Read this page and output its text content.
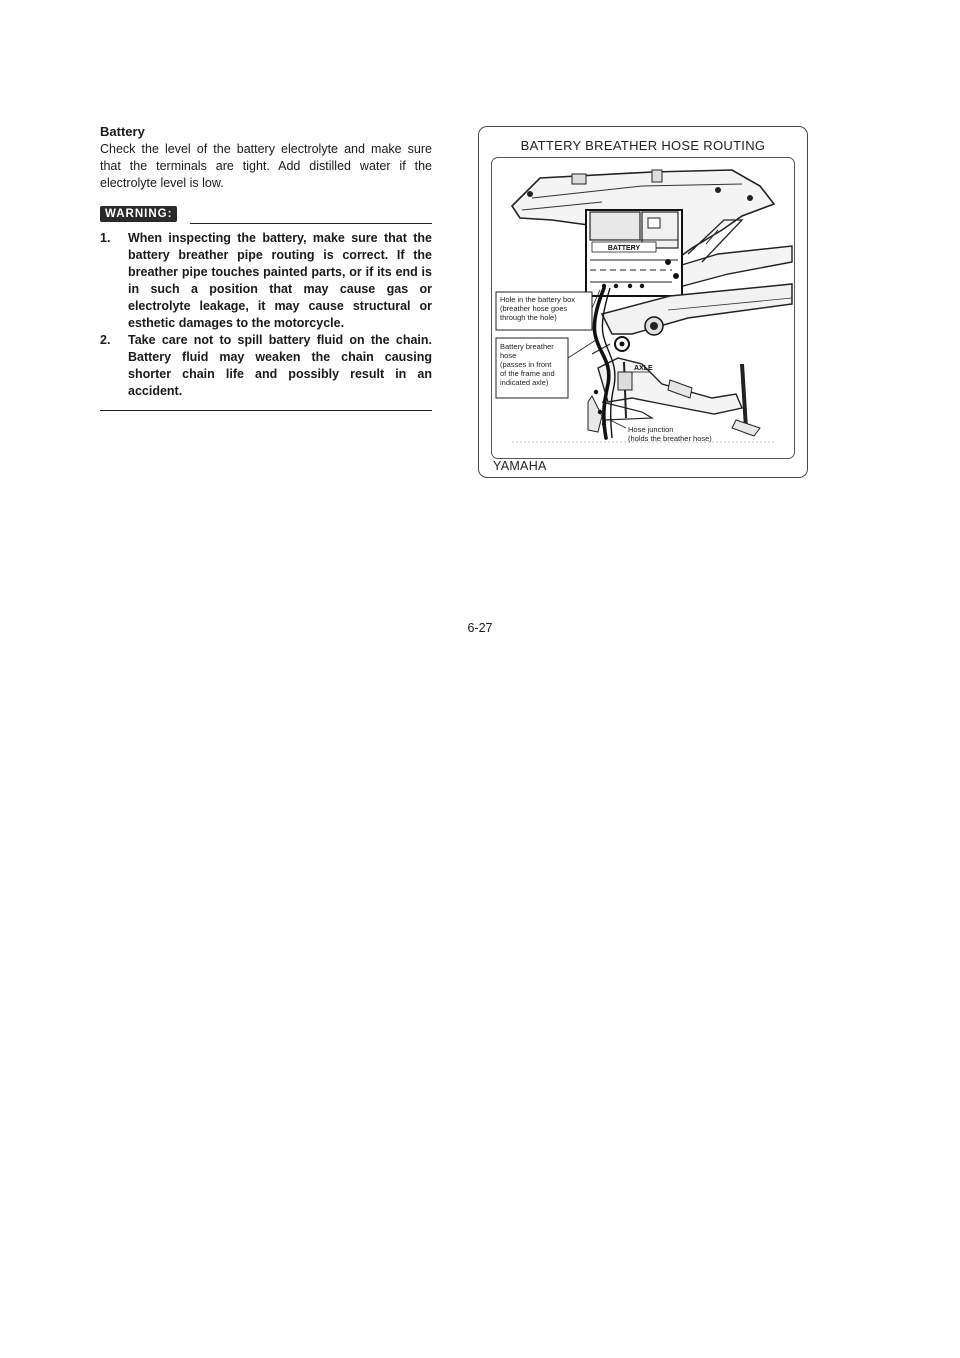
Battery

Check the level of the battery electrolyte and make sure that the terminals are tight. Add distilled water if the electrolyte level is low.

WARNING:
1. When inspecting the battery, make sure that the battery breather pipe routing is correct. If the breather pipe touches painted parts, or if its end is in such a position that may cause gas or electrolyte leakage, it may cause structural or esthetic damages to the motorcycle.
2. Take care not to spill battery fluid on the chain. Battery fluid may weaken the chain causing shorter chain life and possibly result in an accident.
BATTERY BREATHER HOSE ROUTING
BATTERY
AXLE
Hole in the battery box
(breather hose goes
through the hole)
Battery breather
hose
(passes in front
of the frame and
indicated axle)
Hose junction
(holds the breather hose)
YAMAHA
6-27
